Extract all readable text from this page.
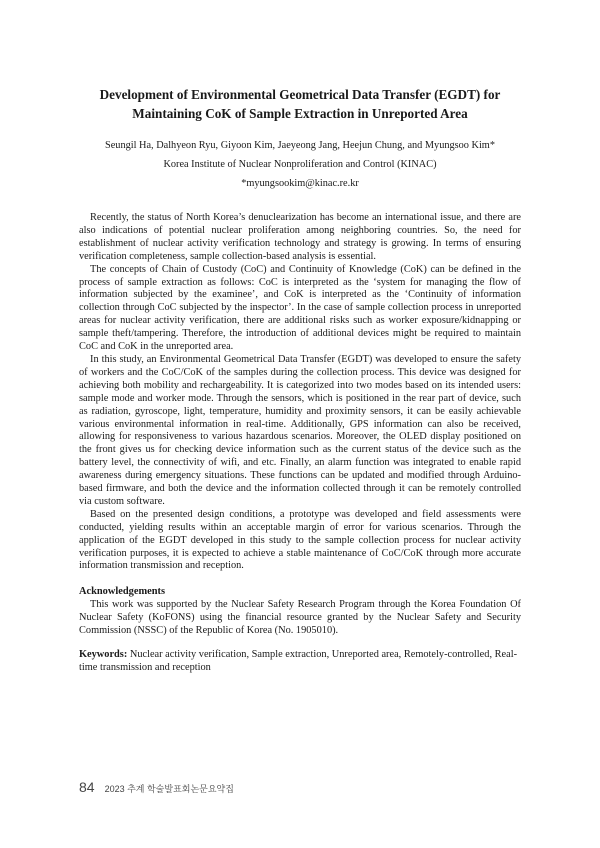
Development of Environmental Geometrical Data Transfer (EGDT) for
Maintaining CoK of Sample Extraction in Unreported Area
Seungil Ha, Dalhyeon Ryu, Giyoon Kim, Jaeyeong Jang, Heejun Chung, and Myungsoo Kim*
Korea Institute of Nuclear Nonproliferation and Control (KINAC)
*myungsookim@kinac.re.kr

Recently, the status of North Korea’s denuclearization has become an international issue, and there are also indications of potential nuclear proliferation among neighboring countries. So, the need for establishment of nuclear activity verification technology and strategy is growing. In terms of ensuring verification completeness, sample collection-based analysis is essential.

The concepts of Chain of Custody (CoC) and Continuity of Knowledge (CoK) can be defined in the process of sample extraction as follows: CoC is interpreted as the ‘system for managing the flow of information subjected by the examinee’, and CoK is interpreted as the ‘Continuity of information collection through CoC subjected by the inspector’. In the case of sample collection process in unreported areas for nuclear activity verification, there are additional risks such as worker exposure/kidnapping or sample theft/tampering. Therefore, the introduction of additional devices might be required to maintain CoC and CoK in the unreported area.

In this study, an Environmental Geometrical Data Transfer (EGDT) was developed to ensure the safety of workers and the CoC/CoK of the samples during the collection process. This device was designed for achieving both mobility and rechargeability. It is categorized into two modes based on its intended users: sample mode and worker mode. Through the sensors, which is positioned in the rear part of device, such as radiation, gyroscope, light, temperature, humidity and proximity sensors, it can be easily achievable various environmental information in real-time. Additionally, GPS information can also be received, allowing for responsiveness to various hazardous scenarios. Moreover, the OLED display positioned on the front gives us for checking device information such as the current status of the device such as the battery level, the connectivity of wifi, and etc. Finally, an alarm function was integrated to enable rapid awareness during emergency situations. These functions can be updated and modified through Arduino-based firmware, and both the device and the information collected through it can be remotely controlled via custom software.

Based on the presented design conditions, a prototype was developed and field assessments were conducted, yielding results within an acceptable margin of error for various scenarios. Through the application of the EGDT developed in this study to the sample collection process for nuclear activity verification purposes, it is expected to achieve a stable maintenance of CoC/CoK through more accurate information transmission and reception.

Acknowledgements

This work was supported by the Nuclear Safety Research Program through the Korea Foundation Of Nuclear Safety (KoFONS) using the financial resource granted by the Nuclear Safety and Security Commission (NSSC) of the Republic of Korea (No. 1905010).

Keywords: Nuclear activity verification, Sample extraction, Unreported area, Remotely-controlled, Real-time transmission and reception
84 2023 추계 학술발표회논문요약집
